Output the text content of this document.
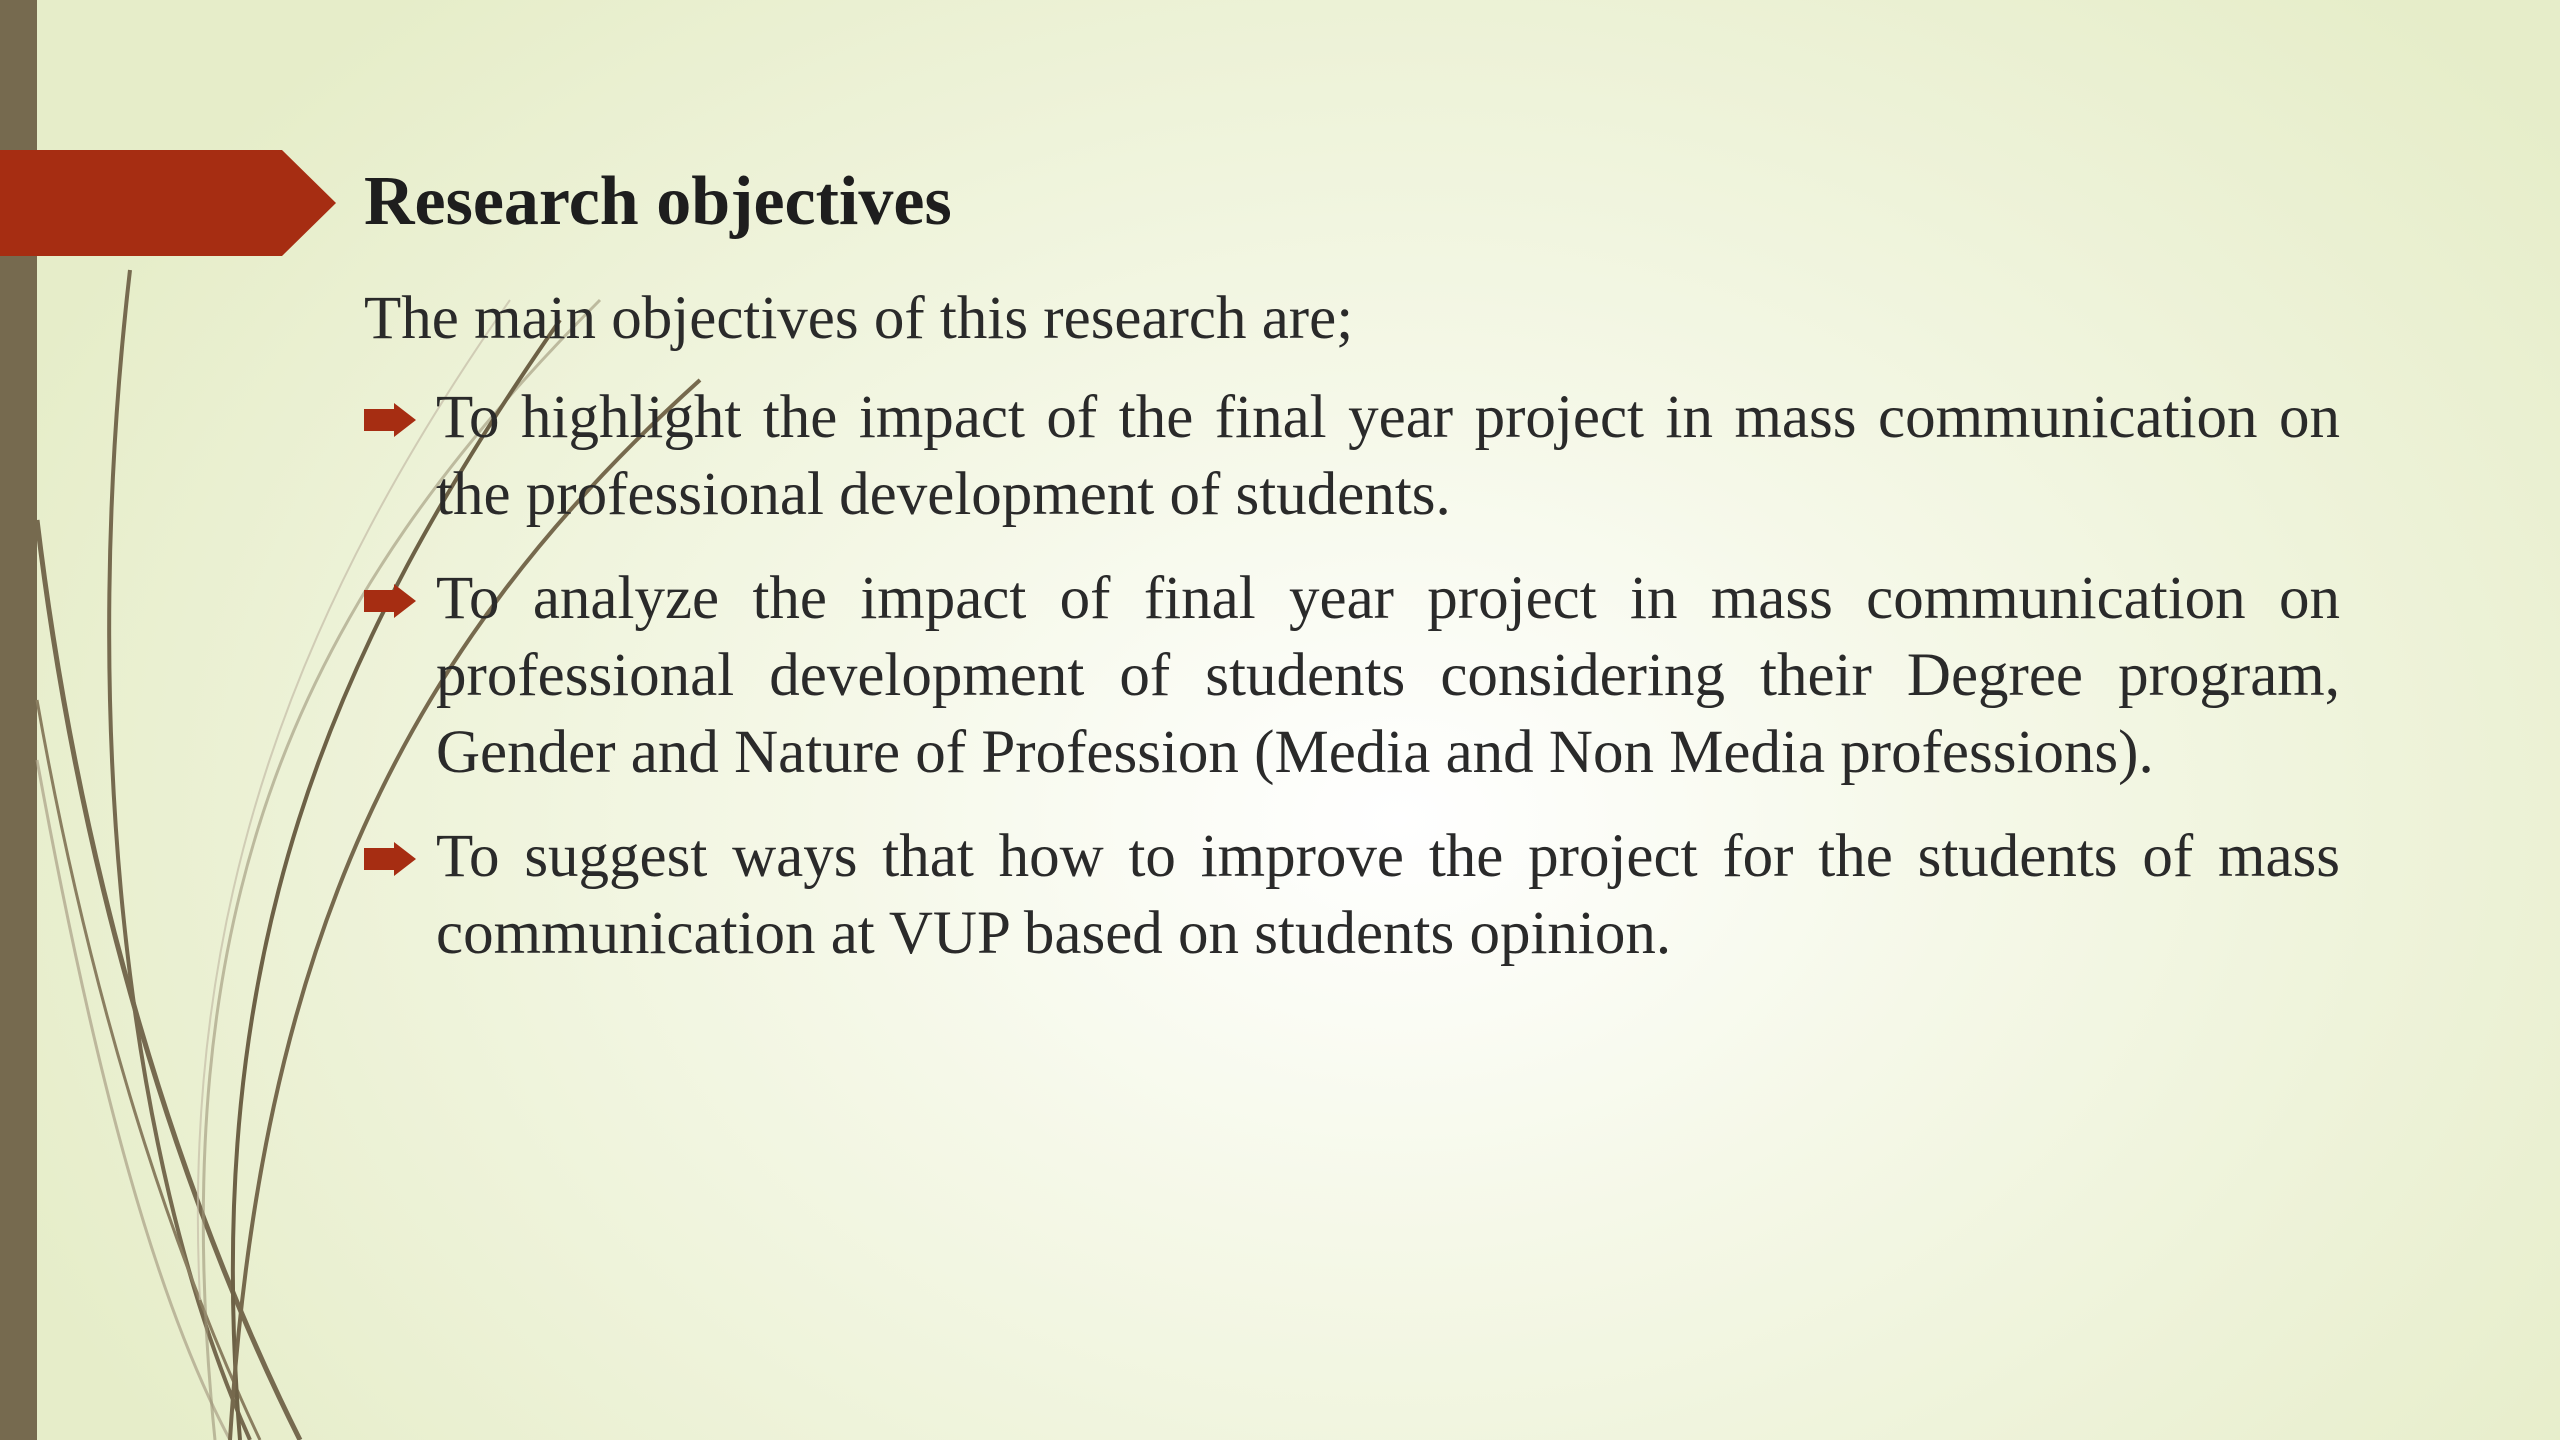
Research objectives
The main objectives of this research are;
To highlight the impact of the final year project in mass communication on the professional development of students.
To analyze the impact of final year project in mass communication on professional development of students considering their Degree program, Gender and Nature of Profession (Media and Non Media professions).
To suggest ways that how to improve the project for the students of mass communication at VUP based on students opinion.
